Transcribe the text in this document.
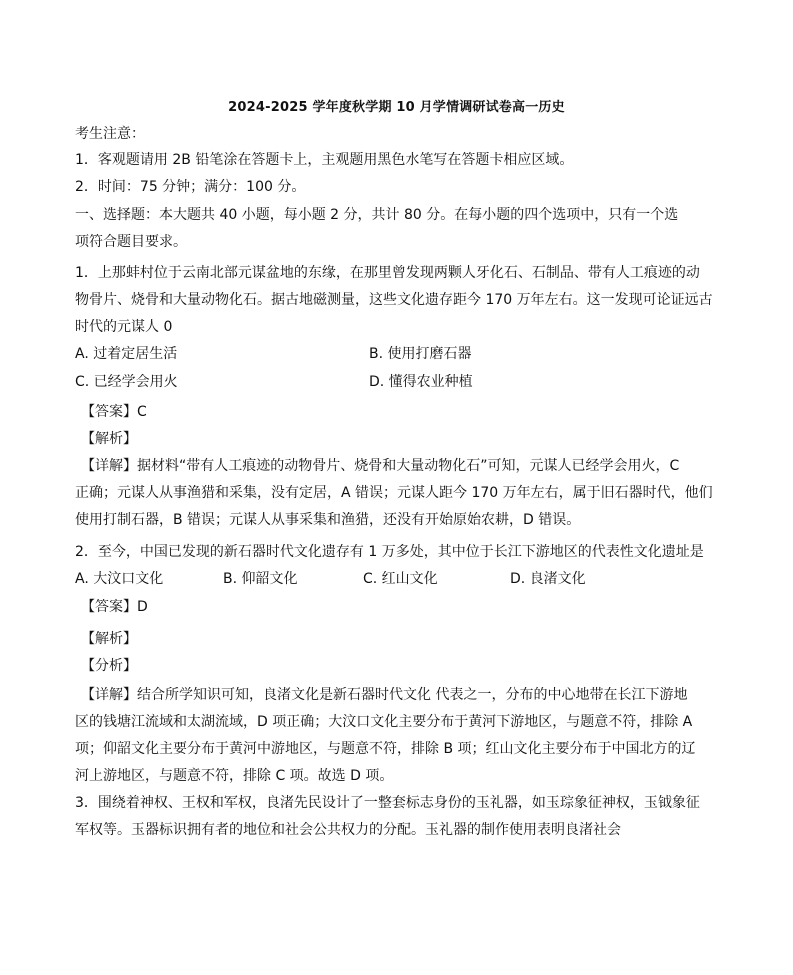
2024-2025 学年度秋学期 10 月学情调研试卷高一历史
考生注意：
1．客观题请用 2B 铅笔涂在答题卡上，主观题用黑色水笔写在答题卡相应区域。
2．时间：75 分钟；满分：100 分。
一、选择题：本大题共 40 小题，每小题 2 分，共计 80 分。在每小题的四个选项中，只有一个选
项符合题目要求。
1．上那蚌村位于云南北部元谋盆地的东缘，在那里曾发现两颗人牙化石、石制品、带有人工痕迹的动
物骨片、烧骨和大量动物化石。据古地磁测量，这些文化遗存距今 170 万年左右。这一发现可论证远古
时代的元谋人 0
A. 过着定居生活	B. 使用打磨石器
C. 已经学会用火	D. 懂得农业种植
【答案】C
【解析】
【详解】据材料“带有人工痕迹的动物骨片、烧骨和大量动物化石”可知，元谋人已经学会用火，C
正确；元谋人从事渔猎和采集，没有定居，A 错误；元谋人距今 170 万年左右，属于旧石器时代，他们
使用打制石器，B 错误；元谋人从事采集和渔猎，还没有开始原始农耕，D 错误。
2．至今，中国已发现的新石器时代文化遗存有 1 万多处，其中位于长江下游地区的代表性文化遗址是
A. 大汶口文化	B. 仰韶文化	C. 红山文化	D. 良渚文化
【答案】D
【解析】
【分析】
【详解】结合所学知识可知，良渚文化是新石器时代文化 代表之一，分布的中心地带在长江下游地
区的钱塘江流域和太湖流域，D 项正确；大汶口文化主要分布于黄河下游地区，与题意不符，排除 A
项；仰韶文化主要分布于黄河中游地区，与题意不符，排除 B 项；红山文化主要分布于中国北方的辽
河上游地区，与题意不符，排除 C 项。故选 D 项。
3．围绕着神权、王权和军权，良渚先民设计了一整套标志身份的玉礼器，如玉琮象征神权，玉钺象征
军权等。玉器标识拥有者的地位和社会公共权力的分配。玉礼器的制作使用表明良渚社会
